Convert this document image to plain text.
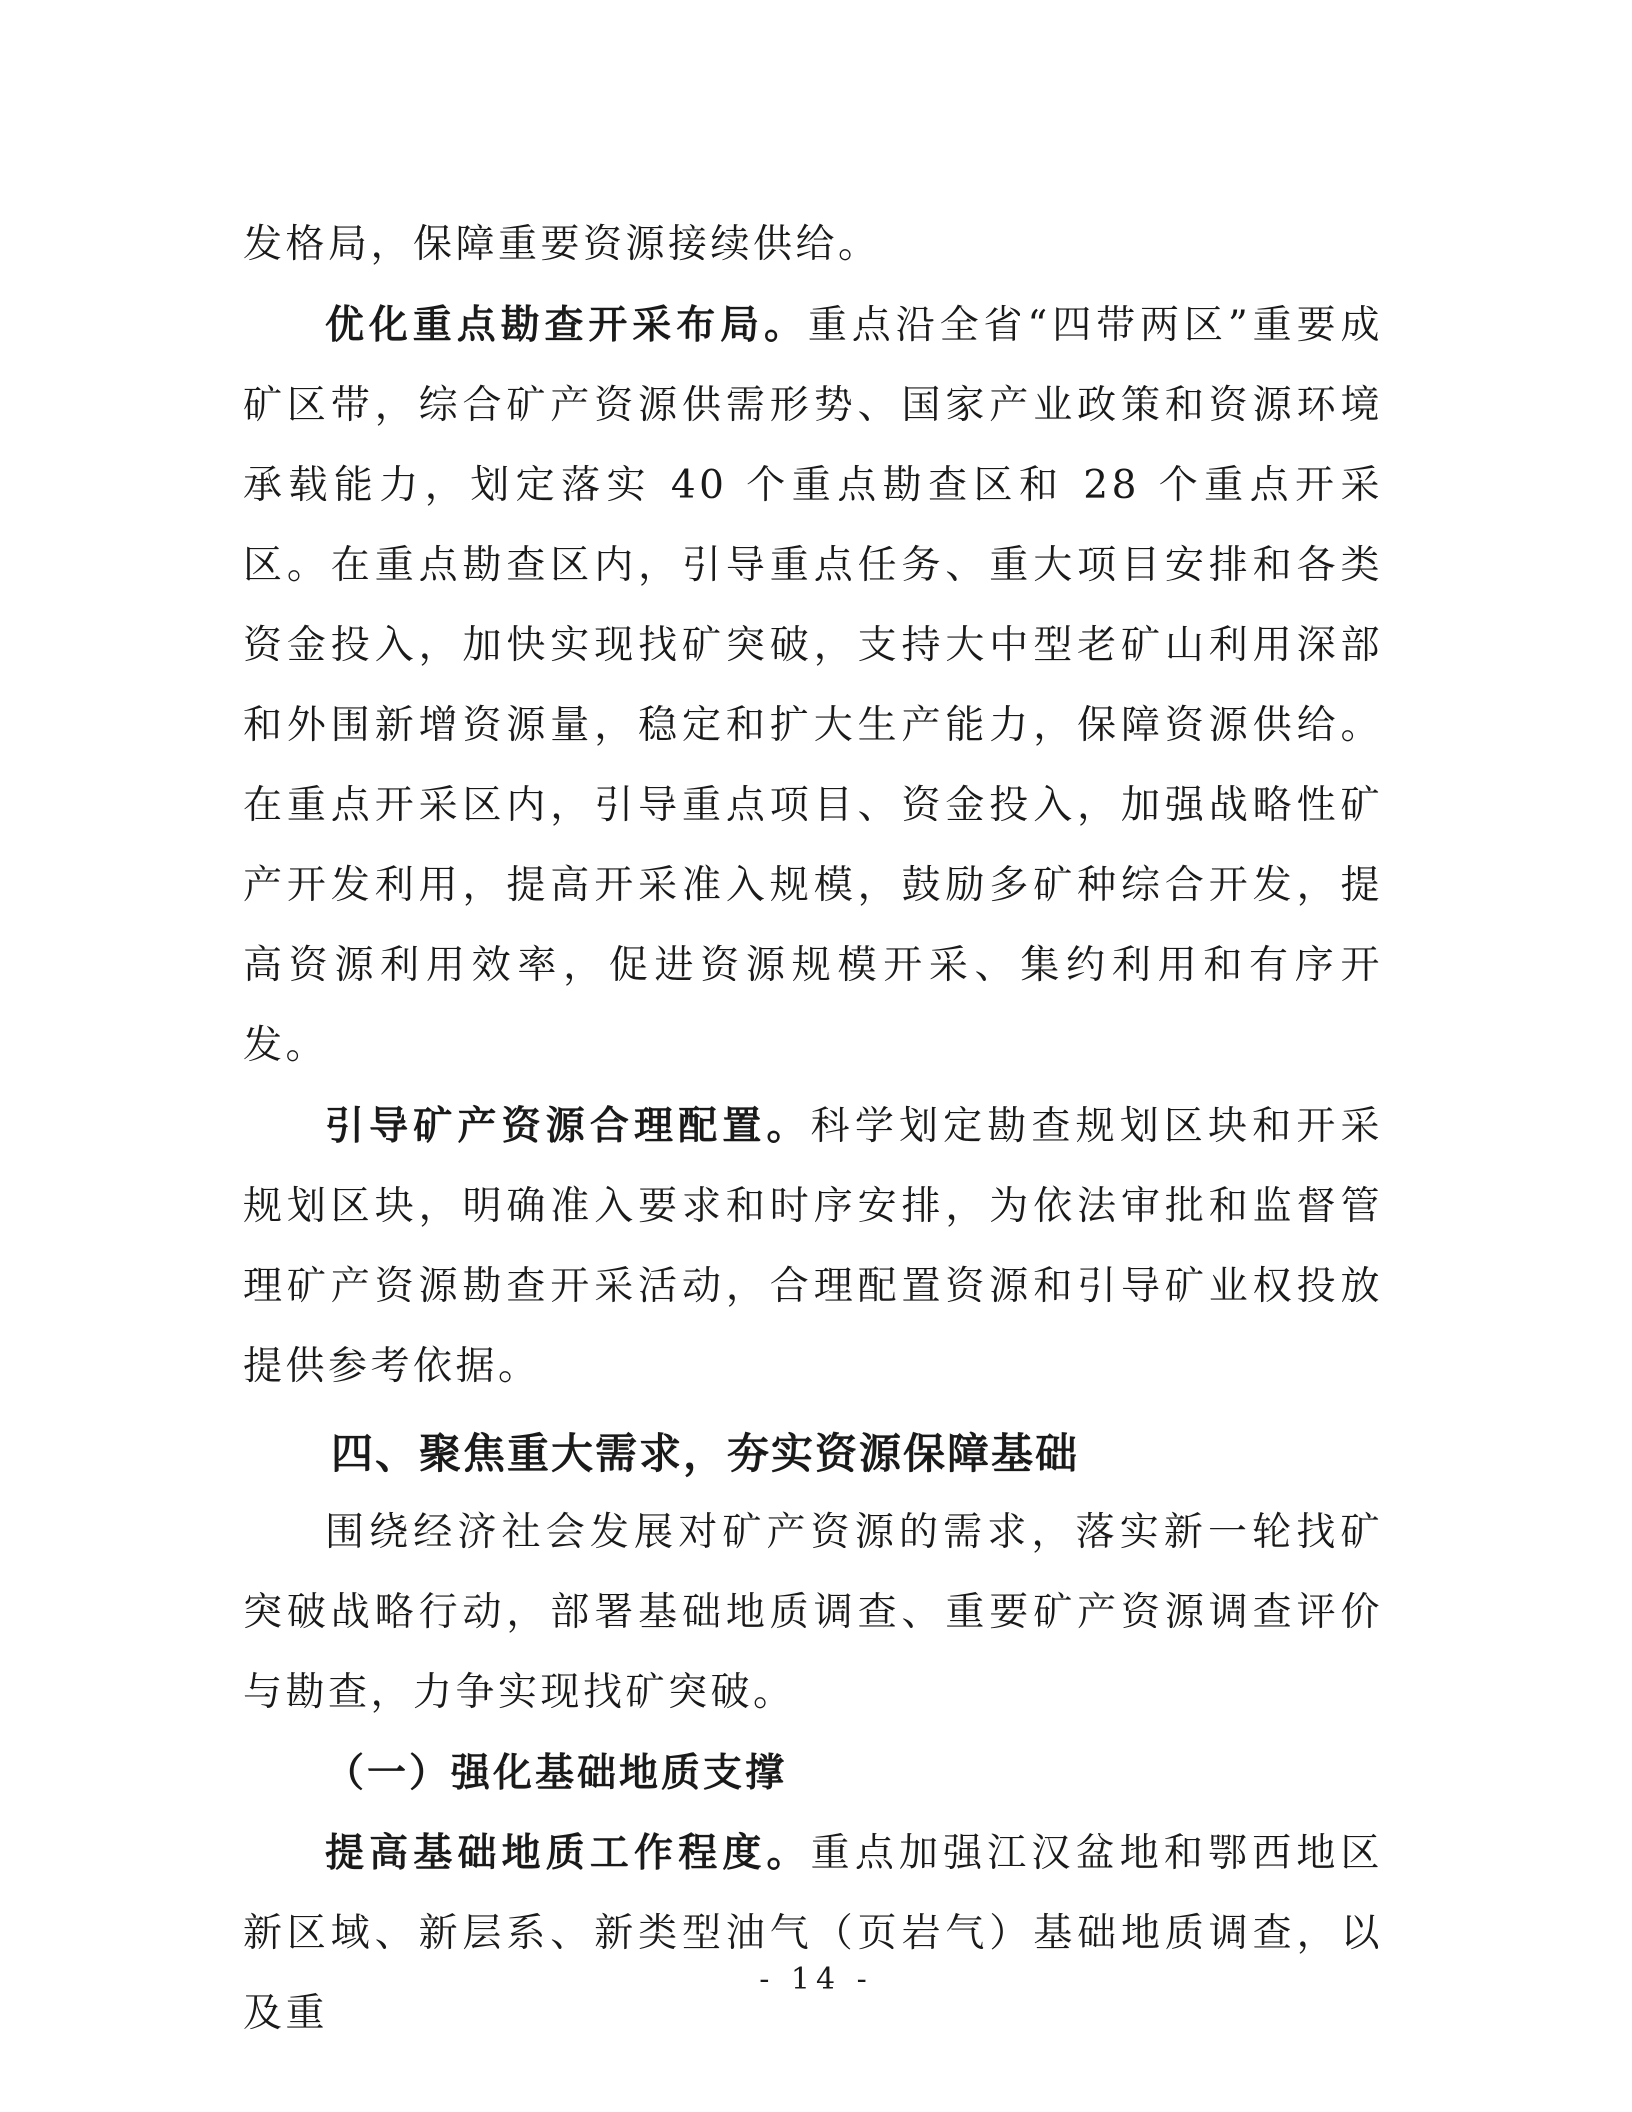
发格局，保障重要资源接续供给。

优化重点勘查开采布局。重点沿全省“四带两区”重要成矿区带，综合矿产资源供需形势、国家产业政策和资源环境承载能力，划定落实 40 个重点勘查区和 28 个重点开采区。在重点勘查区内，引导重点任务、重大项目安排和各类资金投入，加快实现找矿突破，支持大中型老矿山利用深部和外围新增资源量，稳定和扩大生产能力，保障资源供给。在重点开采区内，引导重点项目、资金投入，加强战略性矿产开发利用，提高开采准入规模，鼓励多矿种综合开发，提高资源利用效率，促进资源规模开采、集约利用和有序开发。

引导矿产资源合理配置。科学划定勘查规划区块和开采规划区块，明确准入要求和时序安排，为依法审批和监督管理矿产资源勘查开采活动，合理配置资源和引导矿业权投放提供参考依据。

四、聚焦重大需求，夯实资源保障基础

围绕经济社会发展对矿产资源的需求，落实新一轮找矿突破战略行动，部署基础地质调查、重要矿产资源调查评价与勘查，力争实现找矿突破。

（一）强化基础地质支撑

提高基础地质工作程度。重点加强江汉盆地和鄂西地区新区域、新层系、新类型油气（页岩气）基础地质调查，以及重

- 14 -
